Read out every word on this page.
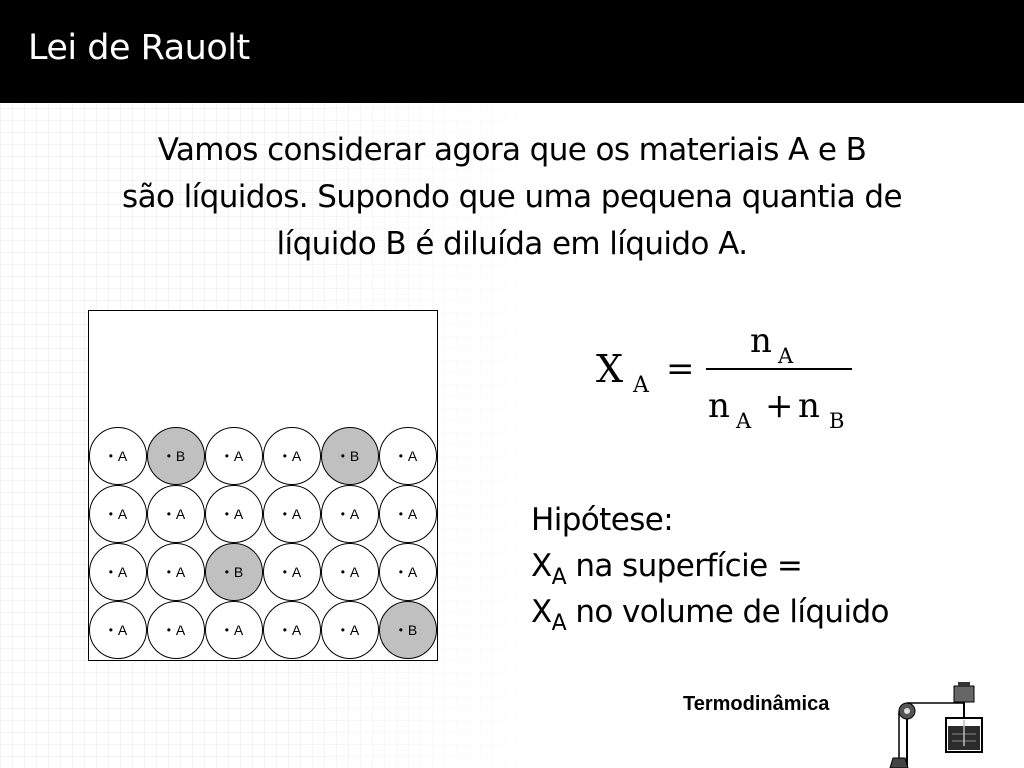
Lei de Rauolt
Vamos considerar agora que os materiais A e B
são líquidos. Supondo que uma pequena quantia de
líquido B é diluída em líquido A.
• A	• B	• A	• A	• B	• A
• A	• A	• A	• A	• A	• A
• A	• A	• B	• A	• A	• A
• A	• A	• A	• A	• A	• B
X A =
n A
n A + n B
Hipótese:
$X_A$ na superfície =
$X_A$ no volume de líquido
Termodinâmica
